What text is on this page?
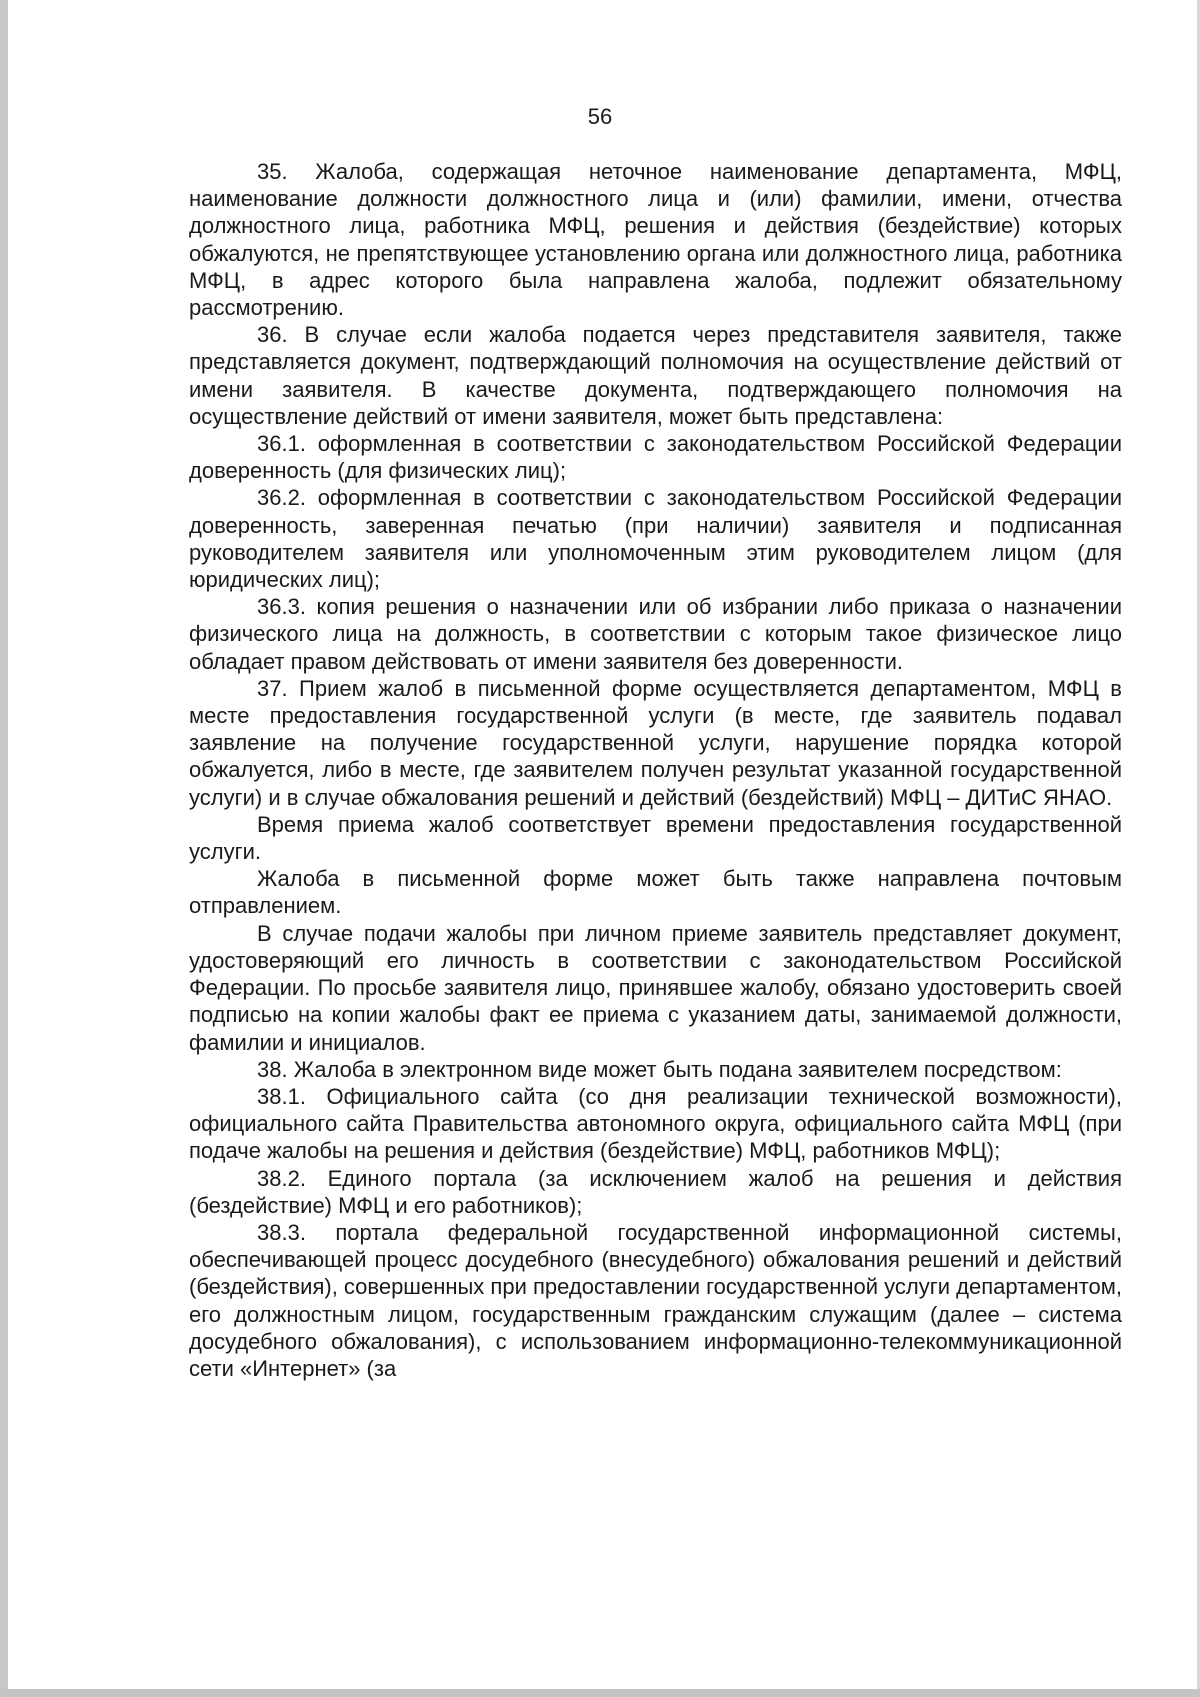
56

35. Жалоба, содержащая неточное наименование департамента, МФЦ, наименование должности должностного лица и (или) фамилии, имени, отчества должностного лица, работника МФЦ, решения и действия (бездействие) которых обжалуются, не препятствующее установлению органа или должностного лица, работника МФЦ, в адрес которого была направлена жалоба, подлежит обязательному рассмотрению.

36. В случае если жалоба подается через представителя заявителя, также представляется документ, подтверждающий полномочия на осуществление действий от имени заявителя. В качестве документа, подтверждающего полномочия на осуществление действий от имени заявителя, может быть представлена:

36.1. оформленная в соответствии с законодательством Российской Федерации доверенность (для физических лиц);

36.2. оформленная в соответствии с законодательством Российской Федерации доверенность, заверенная печатью (при наличии) заявителя и подписанная руководителем заявителя или уполномоченным этим руководителем лицом (для юридических лиц);

36.3. копия решения о назначении или об избрании либо приказа о назначении физического лица на должность, в соответствии с которым такое физическое лицо обладает правом действовать от имени заявителя без доверенности.

37. Прием жалоб в письменной форме осуществляется департаментом, МФЦ в месте предоставления государственной услуги (в месте, где заявитель подавал заявление на получение государственной услуги, нарушение порядка которой обжалуется, либо в месте, где заявителем получен результат указанной государственной услуги) и в случае обжалования решений и действий (бездействий) МФЦ – ДИТиС ЯНАО.

Время приема жалоб соответствует времени предоставления государственной услуги.

Жалоба в письменной форме может быть также направлена почтовым отправлением.

В случае подачи жалобы при личном приеме заявитель представляет документ, удостоверяющий его личность в соответствии с законодательством Российской Федерации. По просьбе заявителя лицо, принявшее жалобу, обязано удостоверить своей подписью на копии жалобы факт ее приема с указанием даты, занимаемой должности, фамилии и инициалов.

38. Жалоба в электронном виде может быть подана заявителем посредством:

38.1. Официального сайта (со дня реализации технической возможности), официального сайта Правительства автономного округа, официального сайта МФЦ (при подаче жалобы на решения и действия (бездействие) МФЦ, работников МФЦ);

38.2. Единого портала (за исключением жалоб на решения и действия (бездействие) МФЦ и его работников);

38.3. портала федеральной государственной информационной системы, обеспечивающей процесс досудебного (внесудебного) обжалования решений и действий (бездействия), совершенных при предоставлении государственной услуги департаментом, его должностным лицом, государственным гражданским служащим (далее – система досудебного обжалования), с использованием информационно-телекоммуникационной сети «Интернет» (за
